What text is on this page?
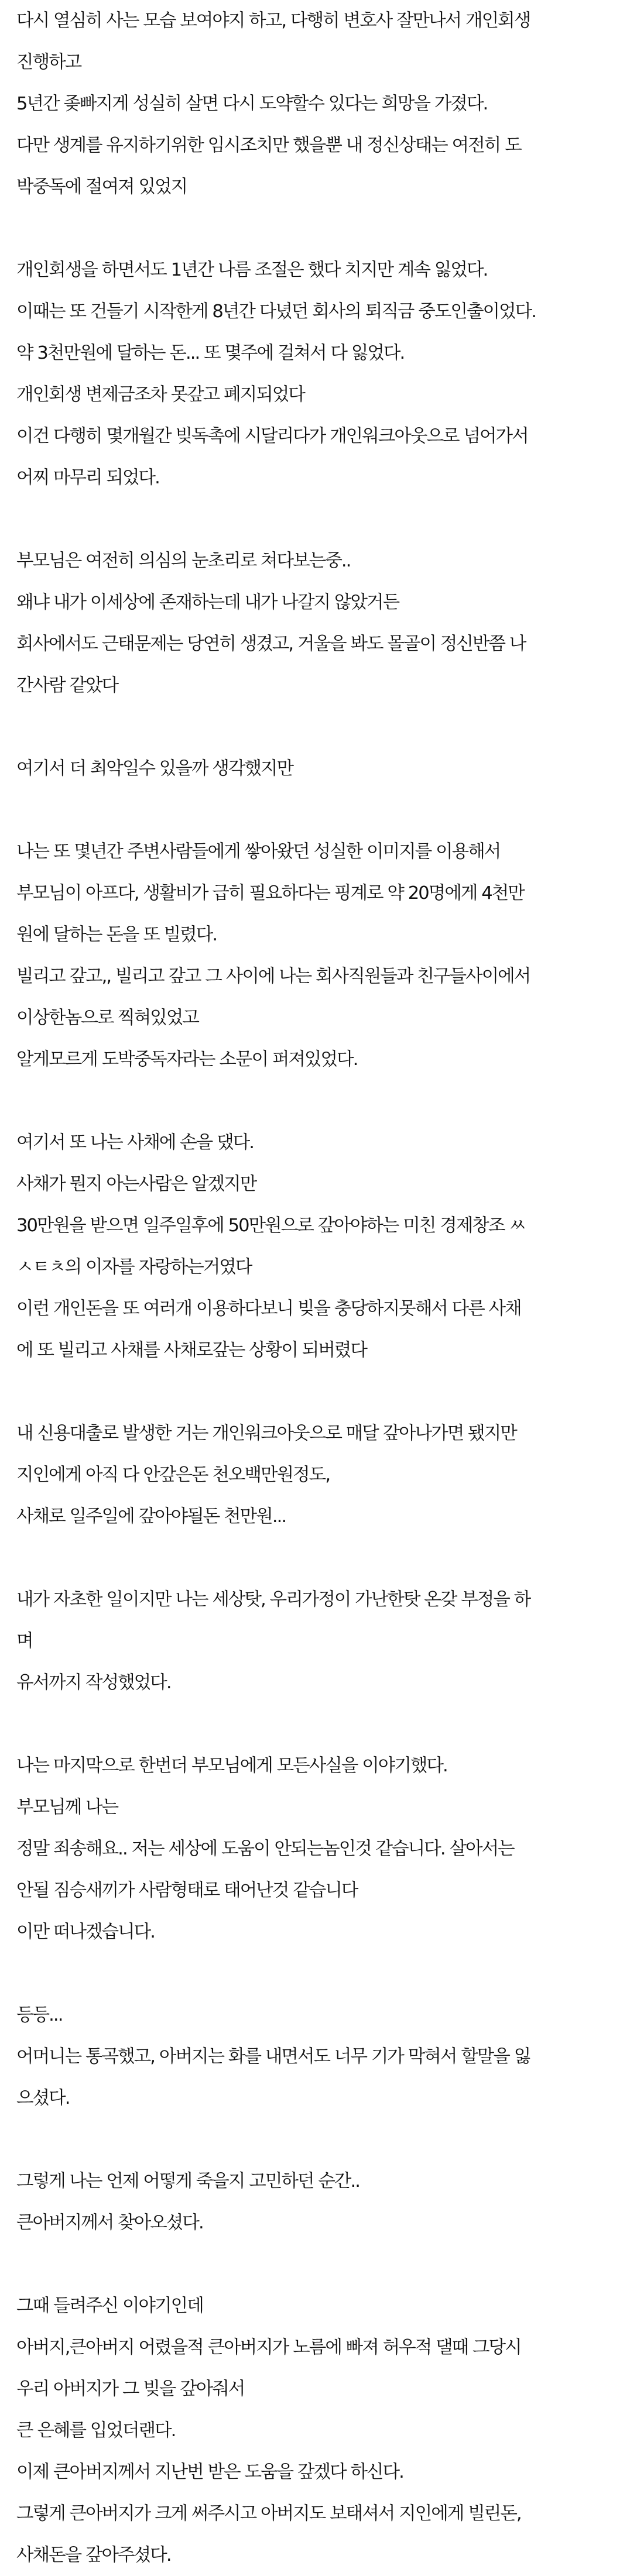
다시 열심히 사는 모습 보여야지 하고, 다행히 변호사 잘만나서 개인회생

진행하고

5년간 좆빠지게 성실히 살면 다시 도약할수 있다는 희망을 가졌다.

다만 생계를 유지하기위한 임시조치만 했을뿐 내 정신상태는 여전히 도

박중독에 절여져 있었지

개인회생을 하면서도 1년간 나름 조절은 했다 치지만 계속 잃었다.

이때는 또 건들기 시작한게 8년간 다녔던 회사의 퇴직금 중도인출이었다.

약 3천만원에 달하는 돈... 또 몇주에 걸쳐서 다 잃었다.

개인회생 변제금조차 못갚고 폐지되었다

이건 다행히 몇개월간 빚독촉에 시달리다가 개인워크아웃으로 넘어가서

어찌 마무리 되었다.

부모님은 여전히 의심의 눈초리로 쳐다보는중..

왜냐 내가 이세상에 존재하는데 내가 나갈지 않았거든

회사에서도 근태문제는 당연히 생겼고, 거울을 봐도 몰골이 정신반쯤 나

간사람 같았다

여기서 더 최악일수 있을까 생각했지만

나는 또 몇년간 주변사람들에게 쌓아왔던 성실한 이미지를 이용해서

부모님이 아프다, 생활비가 급히 필요하다는 핑계로 약 20명에게 4천만

원에 달하는 돈을 또 빌렸다.

빌리고 갚고,, 빌리고 갚고 그 사이에 나는 회사직원들과 친구들사이에서

이상한놈으로 찍혀있었고

알게모르게 도박중독자라는 소문이 퍼져있었다.

여기서 또 나는 사채에 손을 댔다.

사채가 뭔지 아는사람은 알겠지만

30만원을 받으면 일주일후에 50만원으로 갚아야하는 미친 경제창조 ㅆ

ㅅㅌㅊ의 이자를 자랑하는거였다

이런 개인돈을 또 여러개 이용하다보니 빚을 충당하지못해서 다른 사채

에 또 빌리고 사채를 사채로갚는 상황이 되버렸다

내 신용대출로 발생한 거는 개인워크아웃으로 매달 갚아나가면 됐지만

지인에게 아직 다 안갚은돈 천오백만원정도,

사채로 일주일에 갚아야될돈 천만원...

내가 자초한 일이지만 나는 세상탓, 우리가정이 가난한탓 온갖 부정을 하

며

유서까지 작성했었다.

나는 마지막으로 한번더 부모님에게 모든사실을 이야기했다.

부모님께 나는

정말 죄송해요.. 저는 세상에 도움이 안되는놈인것 같습니다. 살아서는

안될 짐승새끼가 사람형태로 태어난것 같습니다

이만 떠나겠습니다.

등등...

어머니는 통곡했고, 아버지는 화를 내면서도 너무 기가 막혀서 할말을 잃

으셨다.

그렇게 나는 언제 어떻게 죽을지 고민하던 순간..

큰아버지께서 찾아오셨다.

그때 들려주신 이야기인데

아버지,큰아버지 어렸을적 큰아버지가 노름에 빠져 허우적 댈때 그당시

우리 아버지가 그 빚을 갚아줘서

큰 은혜를 입었더랜다.

이제 큰아버지께서 지난번 받은 도움을 갚겠다 하신다.

그렇게 큰아버지가 크게 써주시고 아버지도 보태셔서 지인에게 빌린돈,

사채돈을 갚아주셨다.
